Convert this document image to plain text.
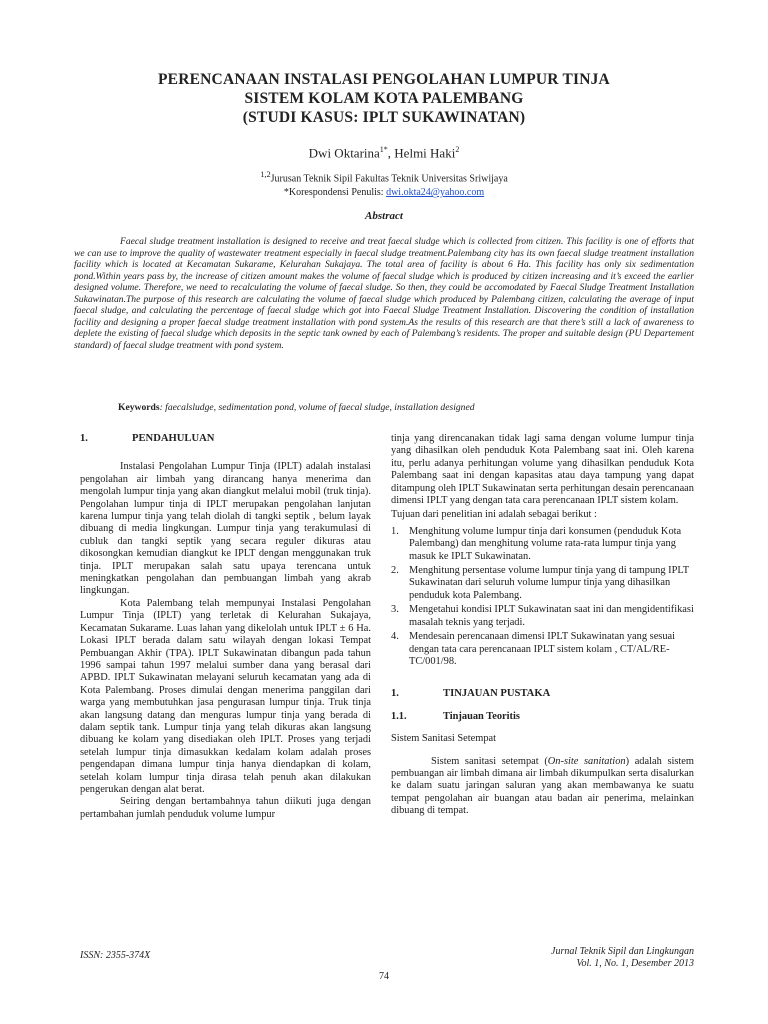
PERENCANAAN INSTALASI PENGOLAHAN LUMPUR TINJA
SISTEM KOLAM KOTA PALEMBANG
(STUDI KASUS: IPLT SUKAWINATAN)
Dwi Oktarina$^{1*}$, Helmi Haki$^2$
$^{1,2}$Jurusan Teknik Sipil Fakultas Teknik Universitas Sriwijaya
*Korespondensi Penulis: dwi.okta24@yahoo.com
Abstract

Faecal sludge treatment installation is designed to receive and treat faecal sludge which is collected from citizen. This facility is one of efforts that we can use to improve the quality of wastewater treatment especially in faecal sludge treatment.Palembang city has its own faecal sludge treatment installation facility which is located at Kecamatan Sukarame, Kelurahan Sukajaya. The total area of facility is about 6 Ha. This facility has only six sedimentation pond.Within years pass by, the increase of citizen amount makes the volume of faecal sludge which is produced by citizen increasing and it’s exceed the earlier designed volume. Therefore, we need to recalculating the volume of faecal sludge. So then, they could be accomodated by Faecal Sludge Treatment Installation Sukawinatan.The purpose of this research are calculating the volume of faecal sludge which produced by Palembang citizen, calculating the average of input faecal sludge, and calculating the percentage of faecal sludge which got into Faecal Sludge Treatment Installation. Discovering the condition of installation facility and designing a proper faecal sludge treatment installation with pond system.As the results of this research are that there’s still a lack of awareness to deplete the existing of faecal sludge which deposits in the septic tank owned by each of Palembang’s residents. The proper and suitable design (PU Departement standard) of faecal sludge treatment with pond system.

Keywords: faecalsludge, sedimentation pond, volume of faecal sludge, installation designed

1.	PENDAHULUAN

Instalasi Pengolahan Lumpur Tinja (IPLT) adalah instalasi pengolahan air limbah yang dirancang hanya menerima dan mengolah lumpur tinja yang akan diangkut melalui mobil (truk tinja). Pengolahan lumpur tinja di IPLT merupakan pengolahan lanjutan karena lumpur tinja yang telah diolah di tangki septik , belum layak dibuang di media lingkungan. Lumpur tinja yang terakumulasi di cubluk dan tangki septik yang secara reguler dikuras atau dikosongkan kemudian diangkut ke IPLT dengan menggunakan truk tinja. IPLT merupakan salah satu upaya terencana untuk meningkatkan pengolahan dan pembuangan limbah yang akrab lingkungan.

Kota Palembang telah mempunyai Instalasi Pengolahan Lumpur Tinja (IPLT) yang terletak di Kelurahan Sukajaya, Kecamatan Sukarame. Luas lahan yang dikelolah untuk IPLT ± 6 Ha. Lokasi IPLT berada dalam satu wilayah dengan lokasi Tempat Pembuangan Akhir (TPA). IPLT Sukawinatan dibangun pada tahun 1996 sampai tahun 1997 melalui sumber dana yang berasal dari APBD. IPLT Sukawinatan melayani seluruh kecamatan yang ada di Kota Palembang. Proses dimulai dengan menerima panggilan dari warga yang membutuhkan jasa pengurasan lumpur tinja. Truk tinja akan langsung datang dan menguras lumpur tinja yang berada di dalam septik tank. Lumpur tinja yang telah dikuras akan langsung dibuang ke kolam yang disediakan oleh IPLT. Proses yang terjadi setelah lumpur tinja dimasukkan kedalam kolam adalah proses pengendapan dimana lumpur tinja hanya diendapkan di kolam, setelah kolam lumpur tinja dirasa telah penuh akan dilakukan pengerukan dengan alat berat.

Seiring dengan bertambahnya tahun diikuti juga dengan pertambahan jumlah penduduk volume lumpur

tinja yang direncanakan tidak lagi sama dengan volume lumpur tinja yang dihasilkan oleh penduduk Kota Palembang saat ini. Oleh karena itu, perlu adanya perhitungan volume yang dihasilkan penduduk Kota Palembang saat ini dengan kapasitas atau daya tampung yang dapat ditampung oleh IPLT Sukawinatan serta perhitungan desain perencanaan dimensi IPLT yang dengan tata cara perencanaan IPLT sistem kolam.

Tujuan dari penelitian ini adalah sebagai berikut :

1. Menghitung volume lumpur tinja dari konsumen (penduduk Kota Palembang) dan menghitung volume rata-rata lumpur tinja yang masuk ke IPLT Sukawinatan.
2. Menghitung persentase volume lumpur tinja yang di tampung IPLT Sukawinatan dari seluruh volume lumpur tinja yang dihasilkan penduduk kota Palembang.
3. Mengetahui kondisi IPLT Sukawinatan saat ini dan mengidentifikasi masalah teknis yang terjadi.
4. Mendesain perencanaan dimensi IPLT Sukawinatan yang sesuai dengan tata cara perencanaan IPLT sistem kolam , CT/AL/RE-TC/001/98.
1.	TINJAUAN PUSTAKA
1.1.	Tinjauan Teoritis

Sistem Sanitasi Setempat

Sistem sanitasi setempat (On-site sanitation) adalah sistem pembuangan air limbah dimana air limbah dikumpulkan serta disalurkan ke dalam suatu jaringan saluran yang akan membawanya ke suatu tempat pengolahan air buangan atau badan air penerima, melainkan dibuang di tempat.

ISSN: 2355-374X	Jurnal Teknik Sipil dan Lingkungan
Vol. 1, No. 1, Desember 2013
74
